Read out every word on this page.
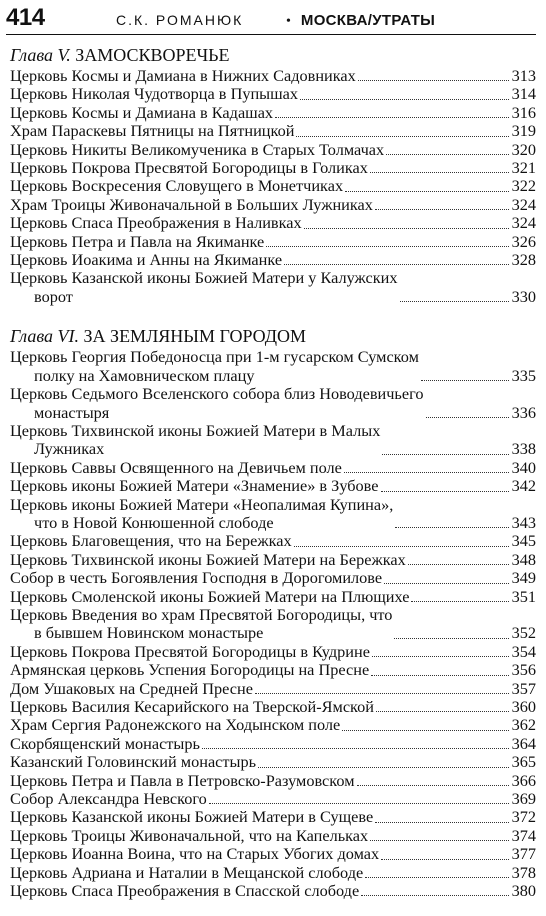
414	С.К. РОМАНЮК	• МОСКВА/УТРАТЫ
Глава V. ЗАМОСКВОРЕЧЬЕ
Церковь Космы и Дамиана в Нижних Садовниках	313
Церковь Николая Чудотворца в Пупышах	314
Церковь Космы и Дамиана в Кадашах	316
Храм Параскевы Пятницы на Пятницкой	319
Церковь Никиты Великомученика в Старых Толмачах	320
Церковь Покрова Пресвятой Богородицы в Голиках	321
Церковь Воскресения Словущего в Монетчиках	322
Храм Троицы Живоначальной в Больших Лужниках	324
Церковь Спаса Преображения в Наливках	324
Церковь Петра и Павла на Якиманке	326
Церковь Иоакима и Анны на Якиманке	328
Церковь Казанской иконы Божией Матери у Калужских
ворот	330
Глава VI. ЗА ЗЕМЛЯНЫМ ГОРОДОМ
Церковь Георгия Победоносца при 1-м гусарском Сумском
полку на Хамовническом плацу	335
Церковь Седьмого Вселенского собора близ Новодевичьего
монастыря	336
Церковь Тихвинской иконы Божией Матери в Малых
Лужниках	338
Церковь Саввы Освященного на Девичьем поле	340
Церковь иконы Божией Матери «Знамение» в Зубове	342
Церковь иконы Божией Матери «Неопалимая Купина»,
что в Новой Конюшенной слободе	343
Церковь Благовещения, что на Бережках	345
Церковь Тихвинской иконы Божией Матери на Бережках	348
Собор в честь Богоявления Господня в Дорогомилове	349
Церковь Смоленской иконы Божией Матери на Плющихе	351
Церковь Введения во храм Пресвятой Богородицы, что
в бывшем Новинском монастыре	352
Церковь Покрова Пресвятой Богородицы в Кудрине	354
Армянская церковь Успения Богородицы на Пресне	356
Дом Ушаковых на Средней Пресне	357
Церковь Василия Кесарийского на Тверской-Ямской	360
Храм Сергия Радонежского на Ходынском поле	362
Скорбященский монастырь	364
Казанский Головинский монастырь	365
Церковь Петра и Павла в Петровско-Разумовском	366
Собор Александра Невского	369
Церковь Казанской иконы Божией Матери в Сущеве	372
Церковь Троицы Живоначальной, что на Капельках	374
Церковь Иоанна Воина, что на Старых Убогих домах	377
Церковь Адриана и Наталии в Мещанской слободе	378
Церковь Спаса Преображения в Спасской слободе	380
